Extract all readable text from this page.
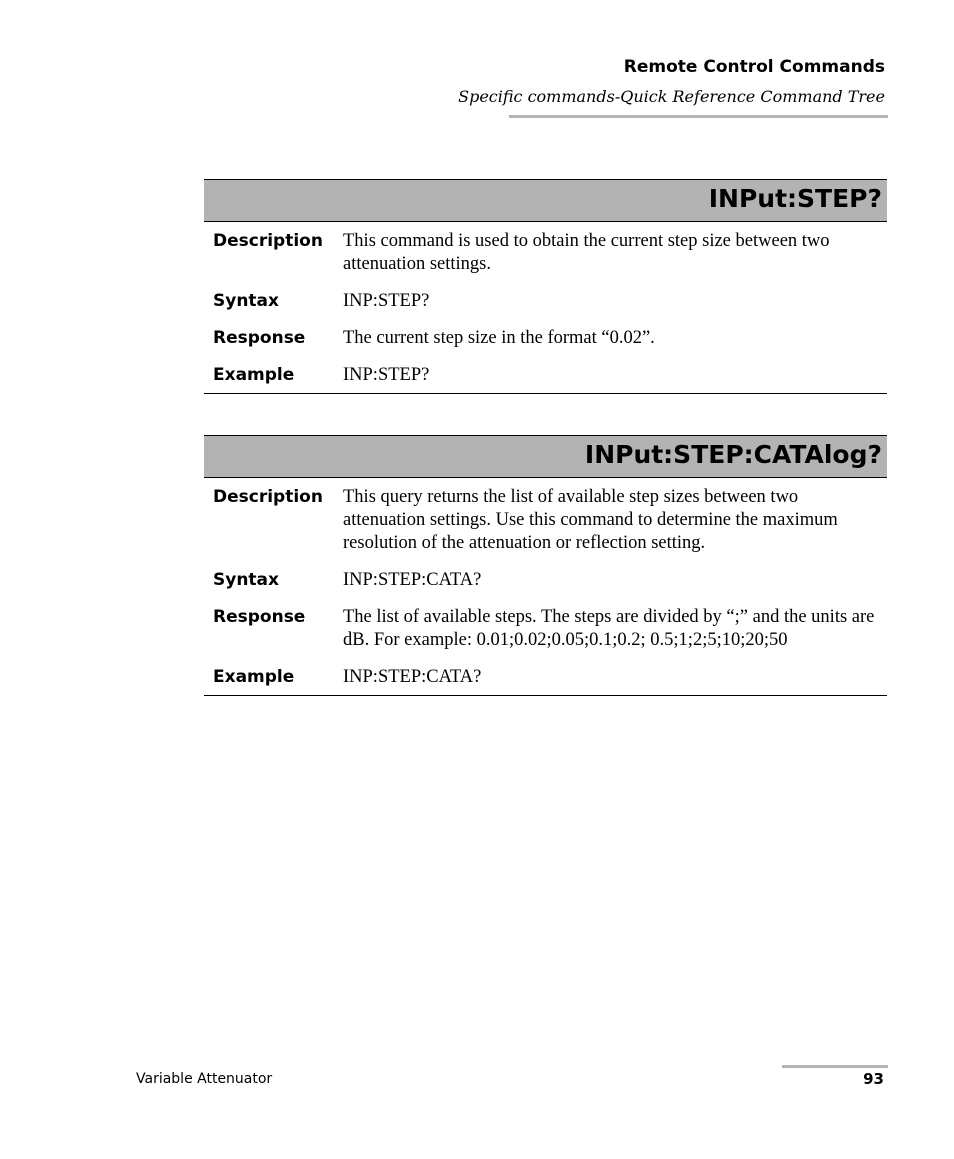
Remote Control Commands
Specific commands-Quick Reference Command Tree
INPut:STEP?
Description	This command is used to obtain the current step size between two attenuation settings.
Syntax	INP:STEP?
Response	The current step size in the format “0.02”.
Example	INP:STEP?
INPut:STEP:CATAlog?
Description	This query returns the list of available step sizes between two attenuation settings. Use this command to determine the maximum resolution of the attenuation or reflection setting.
Syntax	INP:STEP:CATA?
Response	The list of available steps. The steps are divided by “;” and the units are dB. For example: 0.01;0.02;0.05;0.1;0.2; 0.5;1;2;5;10;20;50
Example	INP:STEP:CATA?
Variable Attenuator	93
